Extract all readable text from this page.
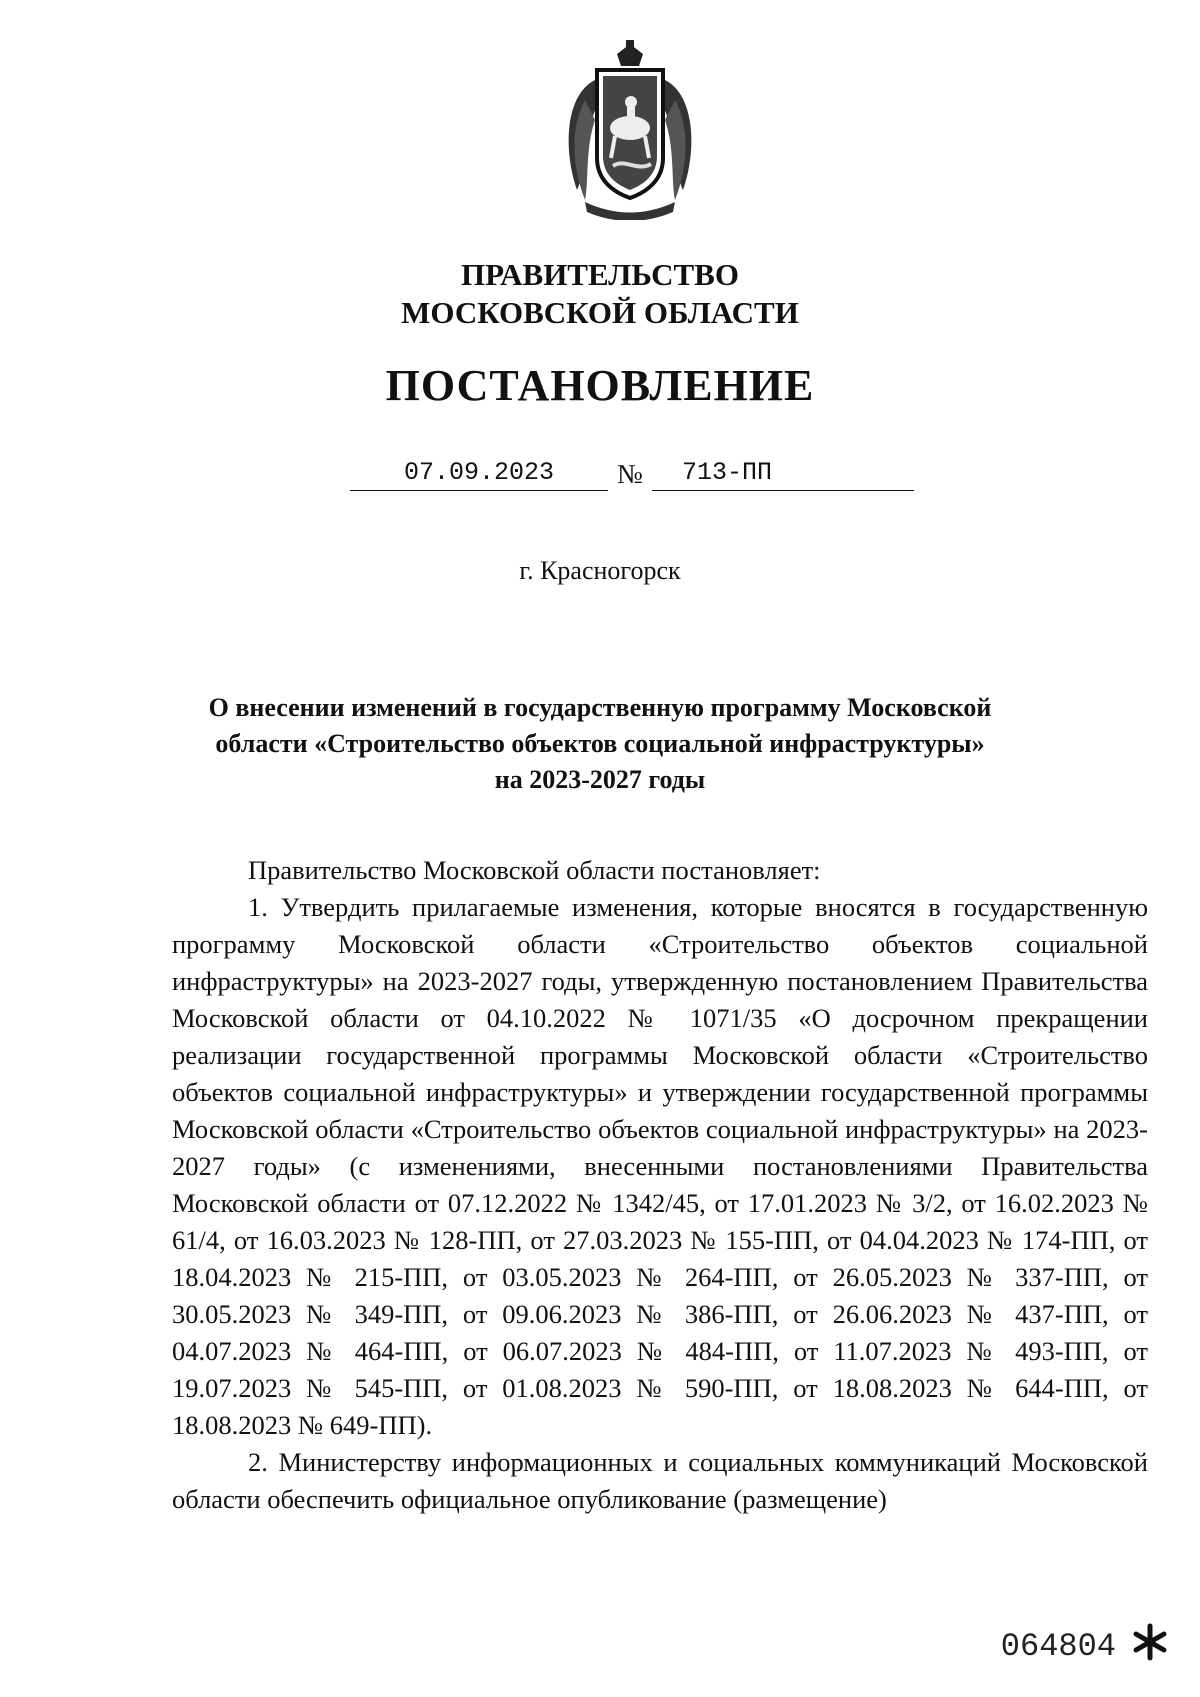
ПРАВИТЕЛЬСТВО
МОСКОВСКОЙ ОБЛАСТИ
ПОСТАНОВЛЕНИЕ
07.09.2023	№	713-ПП
г. Красногорск
О внесении изменений в государственную программу Московской
области «Строительство объектов социальной инфраструктуры»
на 2023-2027 годы

Правительство Московской области постановляет:

1. Утвердить прилагаемые изменения, которые вносятся в государственную программу Московской области «Строительство объектов социальной инфраструктуры» на 2023-2027 годы, утвержденную постановлением Правительства Московской области от 04.10.2022 № 1071/35 «О досрочном прекращении реализации государственной программы Московской области «Строительство объектов социальной инфраструктуры» и утверждении государственной программы Московской области «Строительство объектов социальной инфраструктуры» на 2023-2027 годы» (с изменениями, внесенными постановлениями Правительства Московской области от 07.12.2022 № 1342/45, от 17.01.2023 № 3/2, от 16.02.2023 № 61/4, от 16.03.2023 № 128-ПП, от 27.03.2023 № 155-ПП, от 04.04.2023 № 174-ПП, от 18.04.2023 № 215-ПП, от 03.05.2023 № 264-ПП, от 26.05.2023 № 337-ПП, от 30.05.2023 № 349-ПП, от 09.06.2023 № 386-ПП, от 26.06.2023 № 437-ПП, от 04.07.2023 № 464-ПП, от 06.07.2023 № 484-ПП, от 11.07.2023 № 493-ПП, от 19.07.2023 № 545-ПП, от 01.08.2023 № 590-ПП, от 18.08.2023 № 644-ПП, от 18.08.2023 № 649-ПП).

2. Министерству информационных и социальных коммуникаций Московской области обеспечить официальное опубликование (размещение)

064804
